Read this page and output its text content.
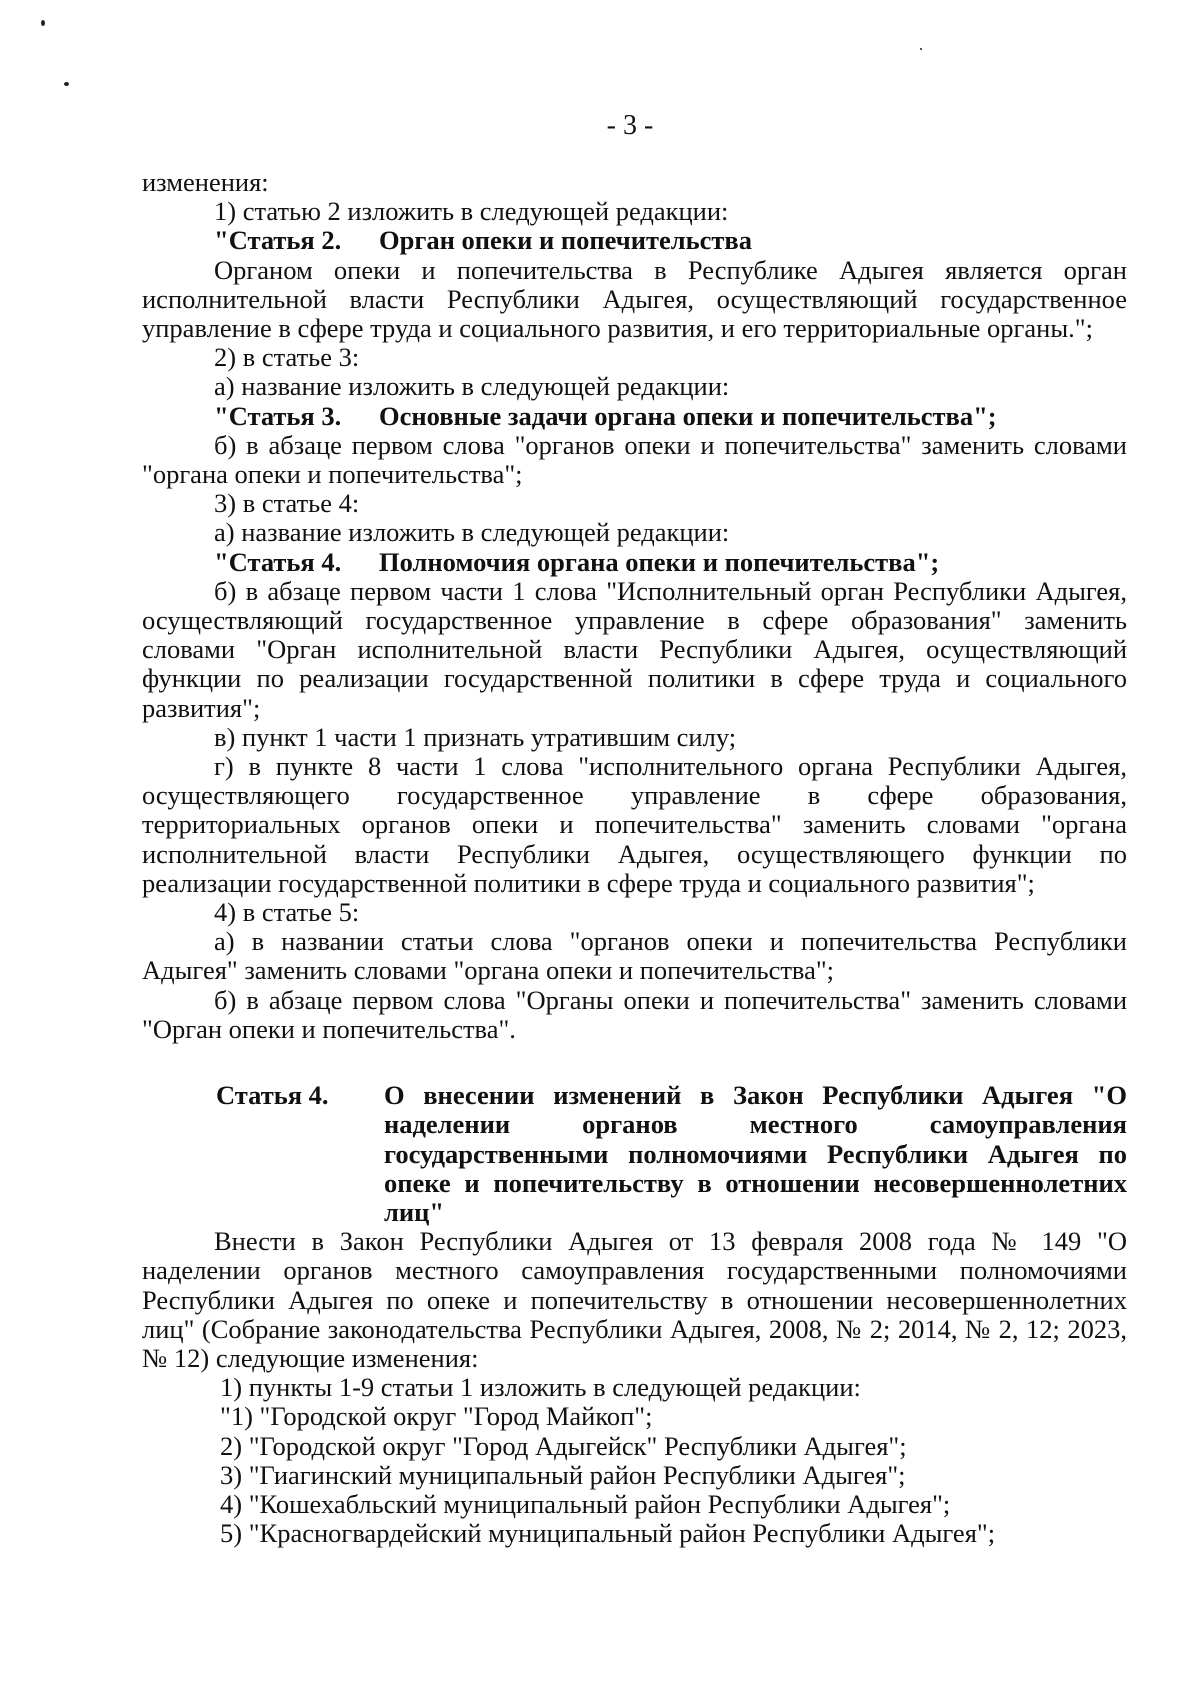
- 3 -

изменения:

1) статью 2 изложить в следующей редакции:

"Статья 2. Орган опеки и попечительства

Органом опеки и попечительства в Республике Адыгея является орган исполнительной власти Республики Адыгея, осуществляющий государственное управление в сфере труда и социального развития, и его территориальные органы.";

2) в статье 3:

а) название изложить в следующей редакции:

"Статья 3. Основные задачи органа опеки и попечительства";

б) в абзаце первом слова "органов опеки и попечительства" заменить словами "органа опеки и попечительства";

3) в статье 4:

а) название изложить в следующей редакции:

"Статья 4. Полномочия органа опеки и попечительства";

б) в абзаце первом части 1 слова "Исполнительный орган Республики Адыгея, осуществляющий государственное управление в сфере образования" заменить словами "Орган исполнительной власти Республики Адыгея, осуществляющий функции по реализации государственной политики в сфере труда и социального развития";

в) пункт 1 части 1 признать утратившим силу;

г) в пункте 8 части 1 слова "исполнительного органа Республики Адыгея, осуществляющего государственное управление в сфере образования, территориальных органов опеки и попечительства" заменить словами "органа исполнительной власти Республики Адыгея, осуществляющего функции по реализации государственной политики в сфере труда и социального развития";

4) в статье 5:

а) в названии статьи слова "органов опеки и попечительства Республики Адыгея" заменить словами "органа опеки и попечительства";

б) в абзаце первом слова "Органы опеки и попечительства" заменить словами "Орган опеки и попечительства".

Статья 4.	О внесении изменений в Закон Республики Адыгея "О наделении органов местного самоуправления государственными полномочиями Республики Адыгея по опеке и попечительству в отношении несовершеннолетних лиц"

Внести в Закон Республики Адыгея от 13 февраля 2008 года № 149 "О наделении органов местного самоуправления государственными полномочиями Республики Адыгея по опеке и попечительству в отношении несовершеннолетних лиц" (Собрание законодательства Республики Адыгея, 2008, № 2; 2014, № 2, 12; 2023, № 12) следующие изменения:

1) пункты 1-9 статьи 1 изложить в следующей редакции:

"1) "Городской округ "Город Майкоп";

2) "Городской округ "Город Адыгейск" Республики Адыгея";

3) "Гиагинский муниципальный район Республики Адыгея";

4) "Кошехабльский муниципальный район Республики Адыгея";

5) "Красногвардейский муниципальный район Республики Адыгея";
